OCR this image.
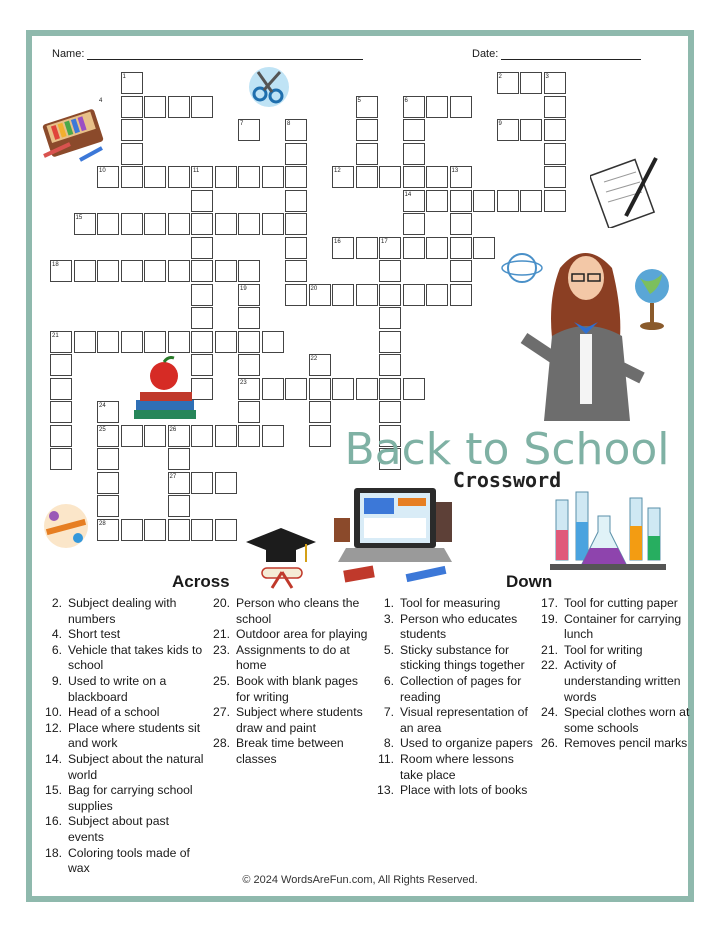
Name:	Date:
1	2	3
4	5	6
7	8	9
10	11	12	13
14
15
16	17
18
19	20
21
22
23
24
25	26
27
28
Back to School
Crossword
Across	Down
2. Subject dealing with numbers
4. Short test
6. Vehicle that takes kids to school
9. Used to write on a blackboard
10. Head of a school
12. Place where students sit and work
14. Subject about the natural world
15. Bag for carrying school supplies
16. Subject about past events
18. Coloring tools made of wax
20. Person who cleans the school
21. Outdoor area for playing
23. Assignments to do at home
25. Book with blank pages for writing
27. Subject where students draw and paint
28. Break time between classes
1. Tool for measuring
3. Person who educates students
5. Sticky substance for sticking things together
6. Collection of pages for reading
7. Visual representation of an area
8. Used to organize papers
11. Room where lessons take place
13. Place with lots of books
17. Tool for cutting paper
19. Container for carrying lunch
21. Tool for writing
22. Activity of understanding written words
24. Special clothes worn at some schools
26. Removes pencil marks
© 2024 WordsAreFun.com, All Rights Reserved.
